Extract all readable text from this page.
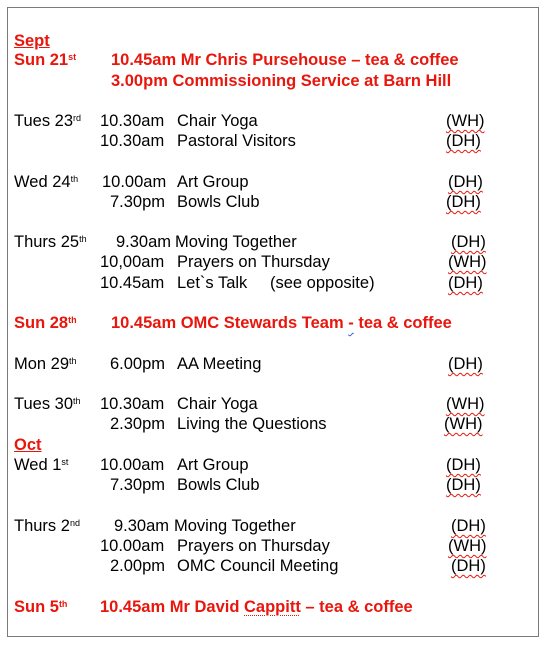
Sept
Sun 21st 10.45am Mr Chris Pursehouse – tea & coffee
3.00pm Commissioning Service at Barn Hill
Tues 23rd 10.30am Chair Yoga	(WH)
10.30am Pastoral Visitors	(DH)
Wed 24th 10.00am Art Group	(DH)
7.30pm Bowls Club	(DH)
Thurs 25th 9.30am Moving Together	(DH)
10,00am Prayers on Thursday	(WH)
10.45am Let`s Talk (see opposite)	(DH)
Sun 28th 10.45am OMC Stewards Team - tea & coffee
Mon 29th 6.00pm AA Meeting	(DH)
Tues 30th 10.30am Chair Yoga	(WH)
2.30pm Living the Questions	(WH)
Oct
Wed 1st 10.00am Art Group	(DH)
7.30pm Bowls Club	(DH)
Thurs 2nd 9.30am Moving Together	(DH)
10.00am Prayers on Thursday	(WH)
2.00pm OMC Council Meeting	(DH)
Sun 5th 10.45am Mr David Cappitt – tea & coffee
